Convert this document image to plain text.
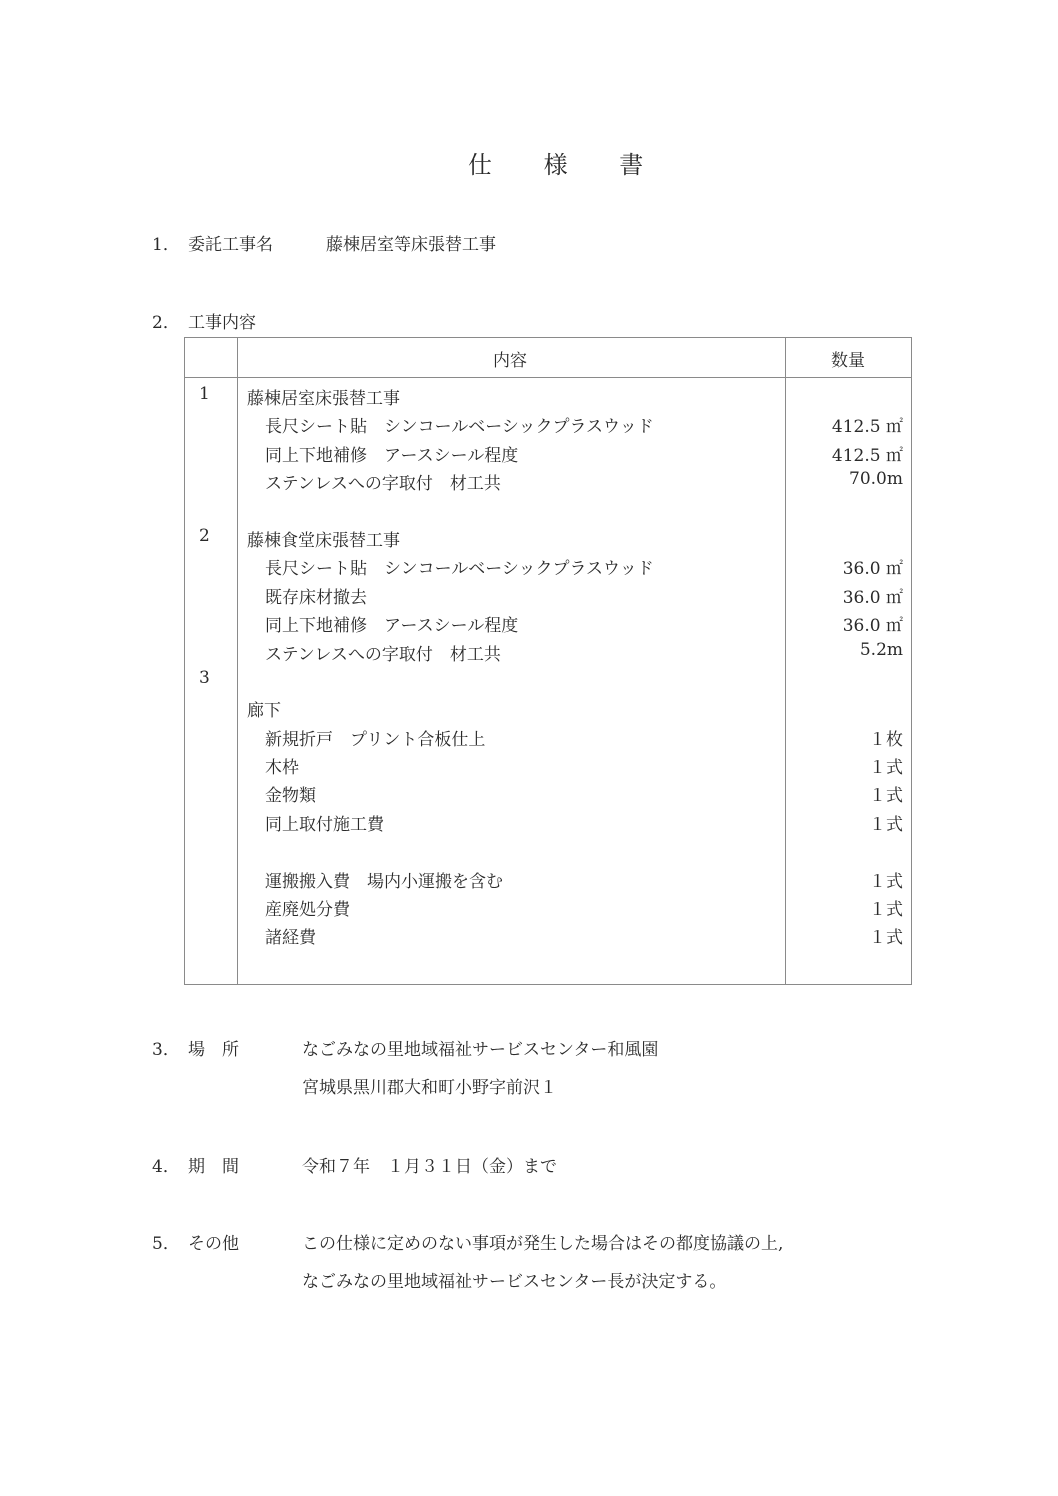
仕 様 書
1． 委託工事名	藤棟居室等床張替工事
2． 工事内容
内容	数量
1 藤棟居室床張替工事
長尺シート貼　シンコールベーシックプラスウッド	412.5 ㎡
同上下地補修　アースシール程度	412.5 ㎡
ステンレスへの字取付　材工共	70.0m
2 藤棟食堂床張替工事
長尺シート貼　シンコールベーシックプラスウッド	36.0 ㎡
既存床材撤去	36.0 ㎡
同上下地補修　アースシール程度	36.0 ㎡
ステンレスへの字取付　材工共	5.2m
3
廊下
新規折戸　プリント合板仕上	１枚
木枠	１式
金物類	１式
同上取付施工費	１式
運搬搬入費　場内小運搬を含む	１式
産廃処分費	１式
諸経費	１式
3． 場　所	なごみなの里地域福祉サービスセンター和風園
宮城県黒川郡大和町小野字前沢１
4． 期　間	令和７年　１月３１日（金）まで
5． その他	この仕様に定めのない事項が発生した場合はその都度協議の上,
なごみなの里地域福祉サービスセンター長が決定する。
